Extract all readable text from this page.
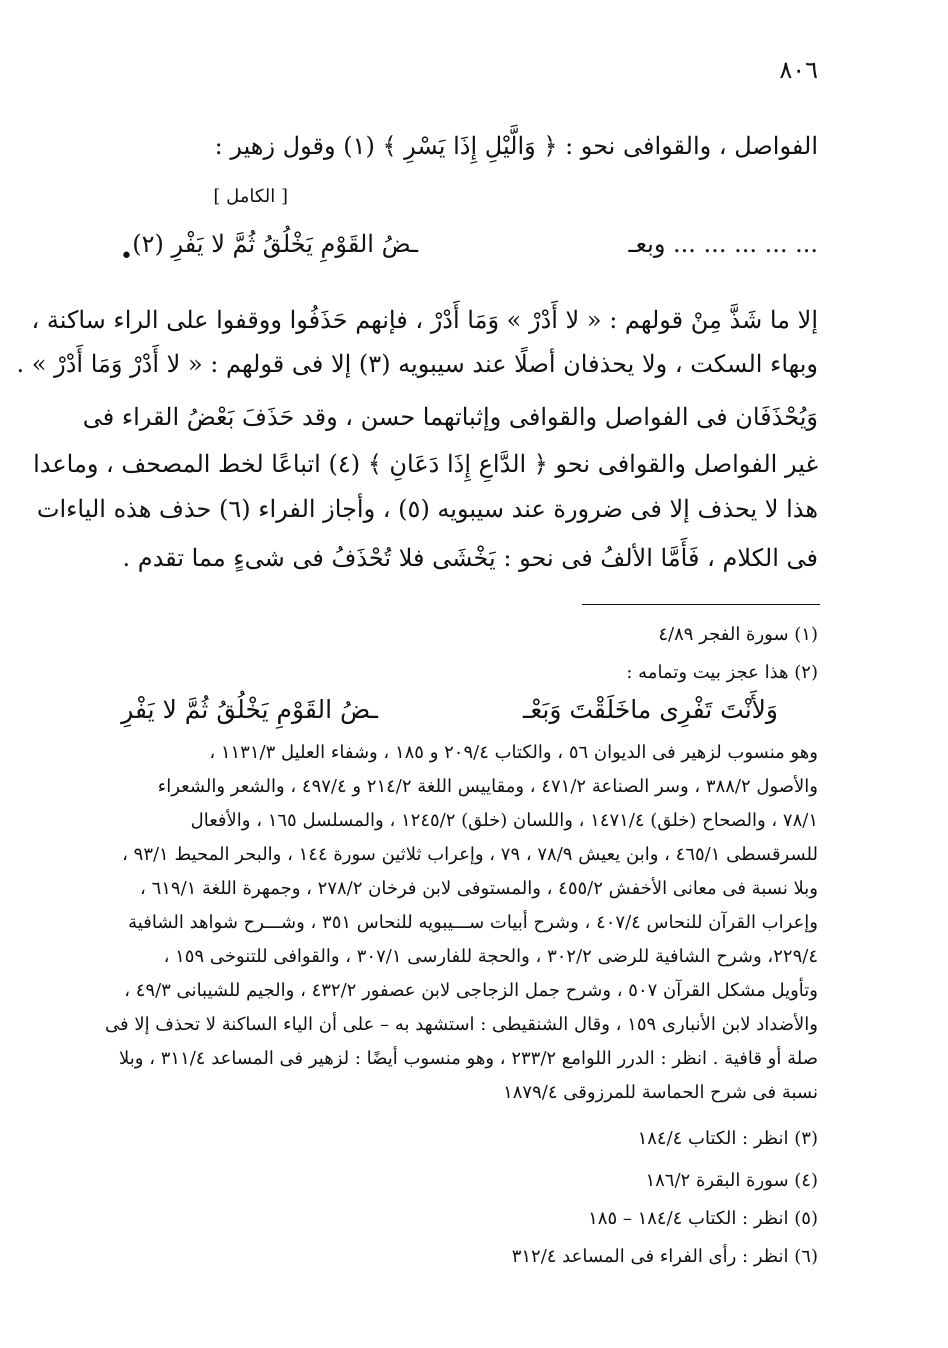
٨٠٦
الفواصل ، والقوافى نحو : ﴿ وَالَّيْلِ إِذَا يَسْرِ ﴾ (١) وقول زهير :
[ الكامل ]
... ... ... ... ... وبعـ
ـضُ القَوْمِ يَخْلُقُ ثُمَّ لا يَفْرِ (٢)
•
إلا ما شَذَّ مِنْ قولهم : « لا أَدْرْ » وَمَا أَدْرْ ، فإنهم حَذَفُوا ووقفوا على الراء ساكنة ،
وبهاء السكت ، ولا يحذفان أصلًا عند سيبويه (٣) إلا فى قولهم : « لا أَدْرْ وَمَا أَدْرْ » .
وَيُحْذَفَان فى الفواصل والقوافى وإثباتهما حسن ، وقد حَذَفَ بَعْضُ القراء فى
غير الفواصل والقوافى نحو ﴿ الدَّاعِ إِذَا دَعَانِ ﴾ (٤) اتباعًا لخط المصحف ، وماعدا
هذا لا يحذف إلا فى ضرورة عند سيبويه (٥) ، وأجاز الفراء (٦) حذف هذه الياءات
فى الكلام ، فَأَمَّا الألفُ فى نحو : يَخْشَى فلا تُحْذَفُ فى شىءٍ مما تقدم .
(١) سورة الفجر ٤/٨٩
(٢) هذا عجز بيت وتمامه :
وَلأَنْتَ تَفْرِى ماخَلَقْتَ وَبَعْـ
ـضُ القَوْمِ يَخْلُقُ ثُمَّ لا يَفْرِ
وهو منسوب لزهير فى الديوان ٥٦ ، والكتاب ٢٠٩/٤ و ١٨٥ ، وشفاء العليل ١١٣١/٣ ،
والأصول ٣٨٨/٢ ، وسر الصناعة ٤٧١/٢ ، ومقاييس اللغة ٢١٤/٢ و ٤٩٧/٤ ، والشعر والشعراء
٧٨/١ ، والصحاح (خلق) ١٤٧١/٤ ، واللسان (خلق) ١٢٤٥/٢ ، والمسلسل ١٦٥ ، والأفعال
للسرقسطى ٤٦٥/١ ، وابن يعيش ٧٨/٩ ، ٧٩ ، وإعراب ثلاثين سورة ١٤٤ ، والبحر المحيط ٩٣/١ ،
وبلا نسبة فى معانى الأخفش ٤٥٥/٢ ، والمستوفى لابن فرخان ٢٧٨/٢ ، وجمهرة اللغة ٦١٩/١ ،
وإعراب القرآن للنحاس ٤٠٧/٤ ، وشرح أبيات ســـيبويه للنحاس ٣٥١ ، وشـــرح شواهد الشافية
٢٢٩/٤، وشرح الشافية للرضى ٣٠٢/٢ ، والحجة للفارسى ٣٠٧/١ ، والقوافى للتنوخى ١٥٩ ،
وتأويل مشكل القرآن ٥٠٧ ، وشرح جمل الزجاجى لابن عصفور ٤٣٢/٢ ، والجيم للشيبانى ٤٩/٣ ،
والأضداد لابن الأنبارى ١٥٩ ، وقال الشنقيطى : استشهد به – على أن الياء الساكنة لا تحذف إلا فى
صلة أو قافية . انظر : الدرر اللوامع ٢٣٣/٢ ، وهو منسوب أيضًا : لزهير فى المساعد ٣١١/٤ ، وبلا
نسبة فى شرح الحماسة للمرزوقى ١٨٧٩/٤
(٣) انظر : الكتاب ١٨٤/٤
(٤) سورة البقرة ١٨٦/٢
(٥) انظر : الكتاب ١٨٤/٤ – ١٨٥
(٦) انظر : رأى الفراء فى المساعد ٣١٢/٤
